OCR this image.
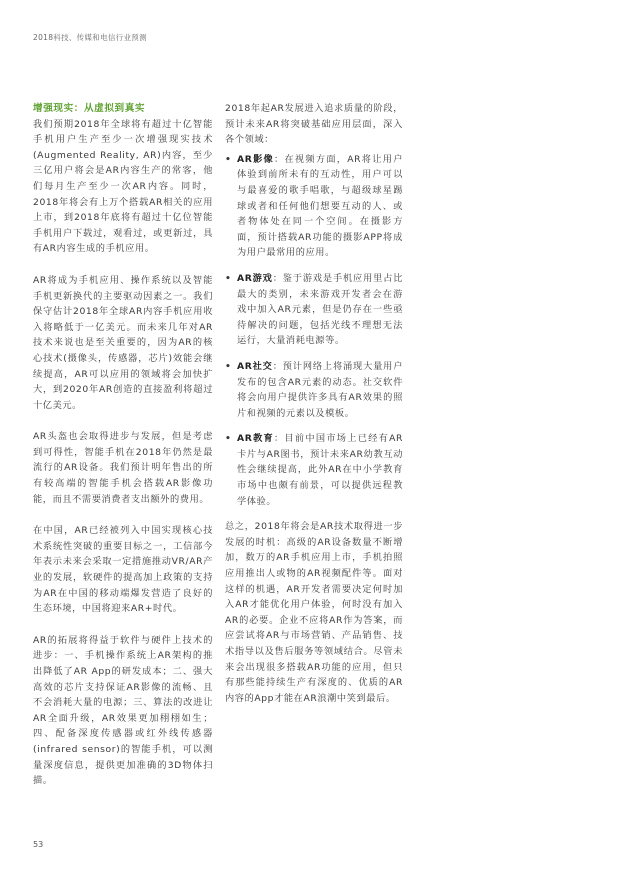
2018科技、传媒和电信行业预测
增强现实：从虚拟到真实

我们预期2018年全球将有超过十亿智能手机用户生产至少一次增强现实技术(Augmented Reality, AR)内容，至少三亿用户将会是AR内容生产的常客，他们每月生产至少一次AR内容。同时，2018年将会有上万个搭载AR相关的应用上市，到2018年底将有超过十亿位智能手机用户下载过，观看过，或更新过，具有AR内容生成的手机应用。

AR将成为手机应用、操作系统以及智能手机更新换代的主要驱动因素之一。我们保守估计2018年全球AR内容手机应用收入将略低于一亿美元。而未来几年对AR技术来说也是至关重要的，因为AR的核心技术(摄像头，传感器，芯片)效能会继续提高，AR可以应用的领域将会加快扩大，到2020年AR创造的直接盈利将超过十亿美元。

AR头盔也会取得进步与发展，但是考虑到可得性，智能手机在2018年仍然是最流行的AR设备。我们预计明年售出的所有较高端的智能手机会搭载AR影像功能，而且不需要消费者支出额外的费用。

在中国，AR已经被列入中国实现核心技术系统性突破的重要目标之一，工信部今年表示未来会采取一定措施推动VR/AR产业的发展，软硬件的提高加上政策的支持为AR在中国的移动端爆发营造了良好的生态环境，中国将迎来AR+时代。

AR的拓展将得益于软件与硬件上技术的进步：一、手机操作系统上AR架构的推出降低了AR App的研发成本；二、强大高效的芯片支持保证AR影像的流畅、且不会消耗大量的电源；三、算法的改进让AR全面升级，AR效果更加栩栩如生；四、配备深度传感器或红外线传感器(infrared sensor)的智能手机，可以测量深度信息，提供更加准确的3D物体扫描。

2018年起AR发展进入追求质量的阶段，预计未来AR将突破基础应用层面，深入各个领域：

• AR影像：在视频方面，AR将让用户体验到前所未有的互动性，用户可以与最喜爱的歌手唱歌，与超级球星踢球或者和任何他们想要互动的人、或者物体处在同一个空间。在摄影方面，预计搭载AR功能的摄影APP将成为用户最常用的应用。
• AR游戏：鉴于游戏是手机应用里占比最大的类别，未来游戏开发者会在游戏中加入AR元素，但是仍存在一些亟待解决的问题，包括光线不理想无法运行，大量消耗电源等。
• AR社交：预计网络上将涌现大量用户发布的包含AR元素的动态。社交软件将会向用户提供许多具有AR效果的照片和视频的元素以及模板。
• AR教育：目前中国市场上已经有AR卡片与AR图书，预计未来AR幼教互动性会继续提高，此外AR在中小学教育市场中也颇有前景，可以提供远程教学体验。

总之，2018年将会是AR技术取得进一步发展的时机：高级的AR设备数量不断增加，数万的AR手机应用上市，手机拍照应用推出人或物的AR视频配件等。面对这样的机遇，AR开发者需要决定何时加入AR才能优化用户体验，何时没有加入AR的必要。企业不应将AR作为答案，而应尝试将AR与市场营销、产品销售、技术指导以及售后服务等领域结合。尽管未来会出现很多搭载AR功能的应用，但只有那些能持续生产有深度的、优质的AR内容的App才能在AR浪潮中笑到最后。

53
